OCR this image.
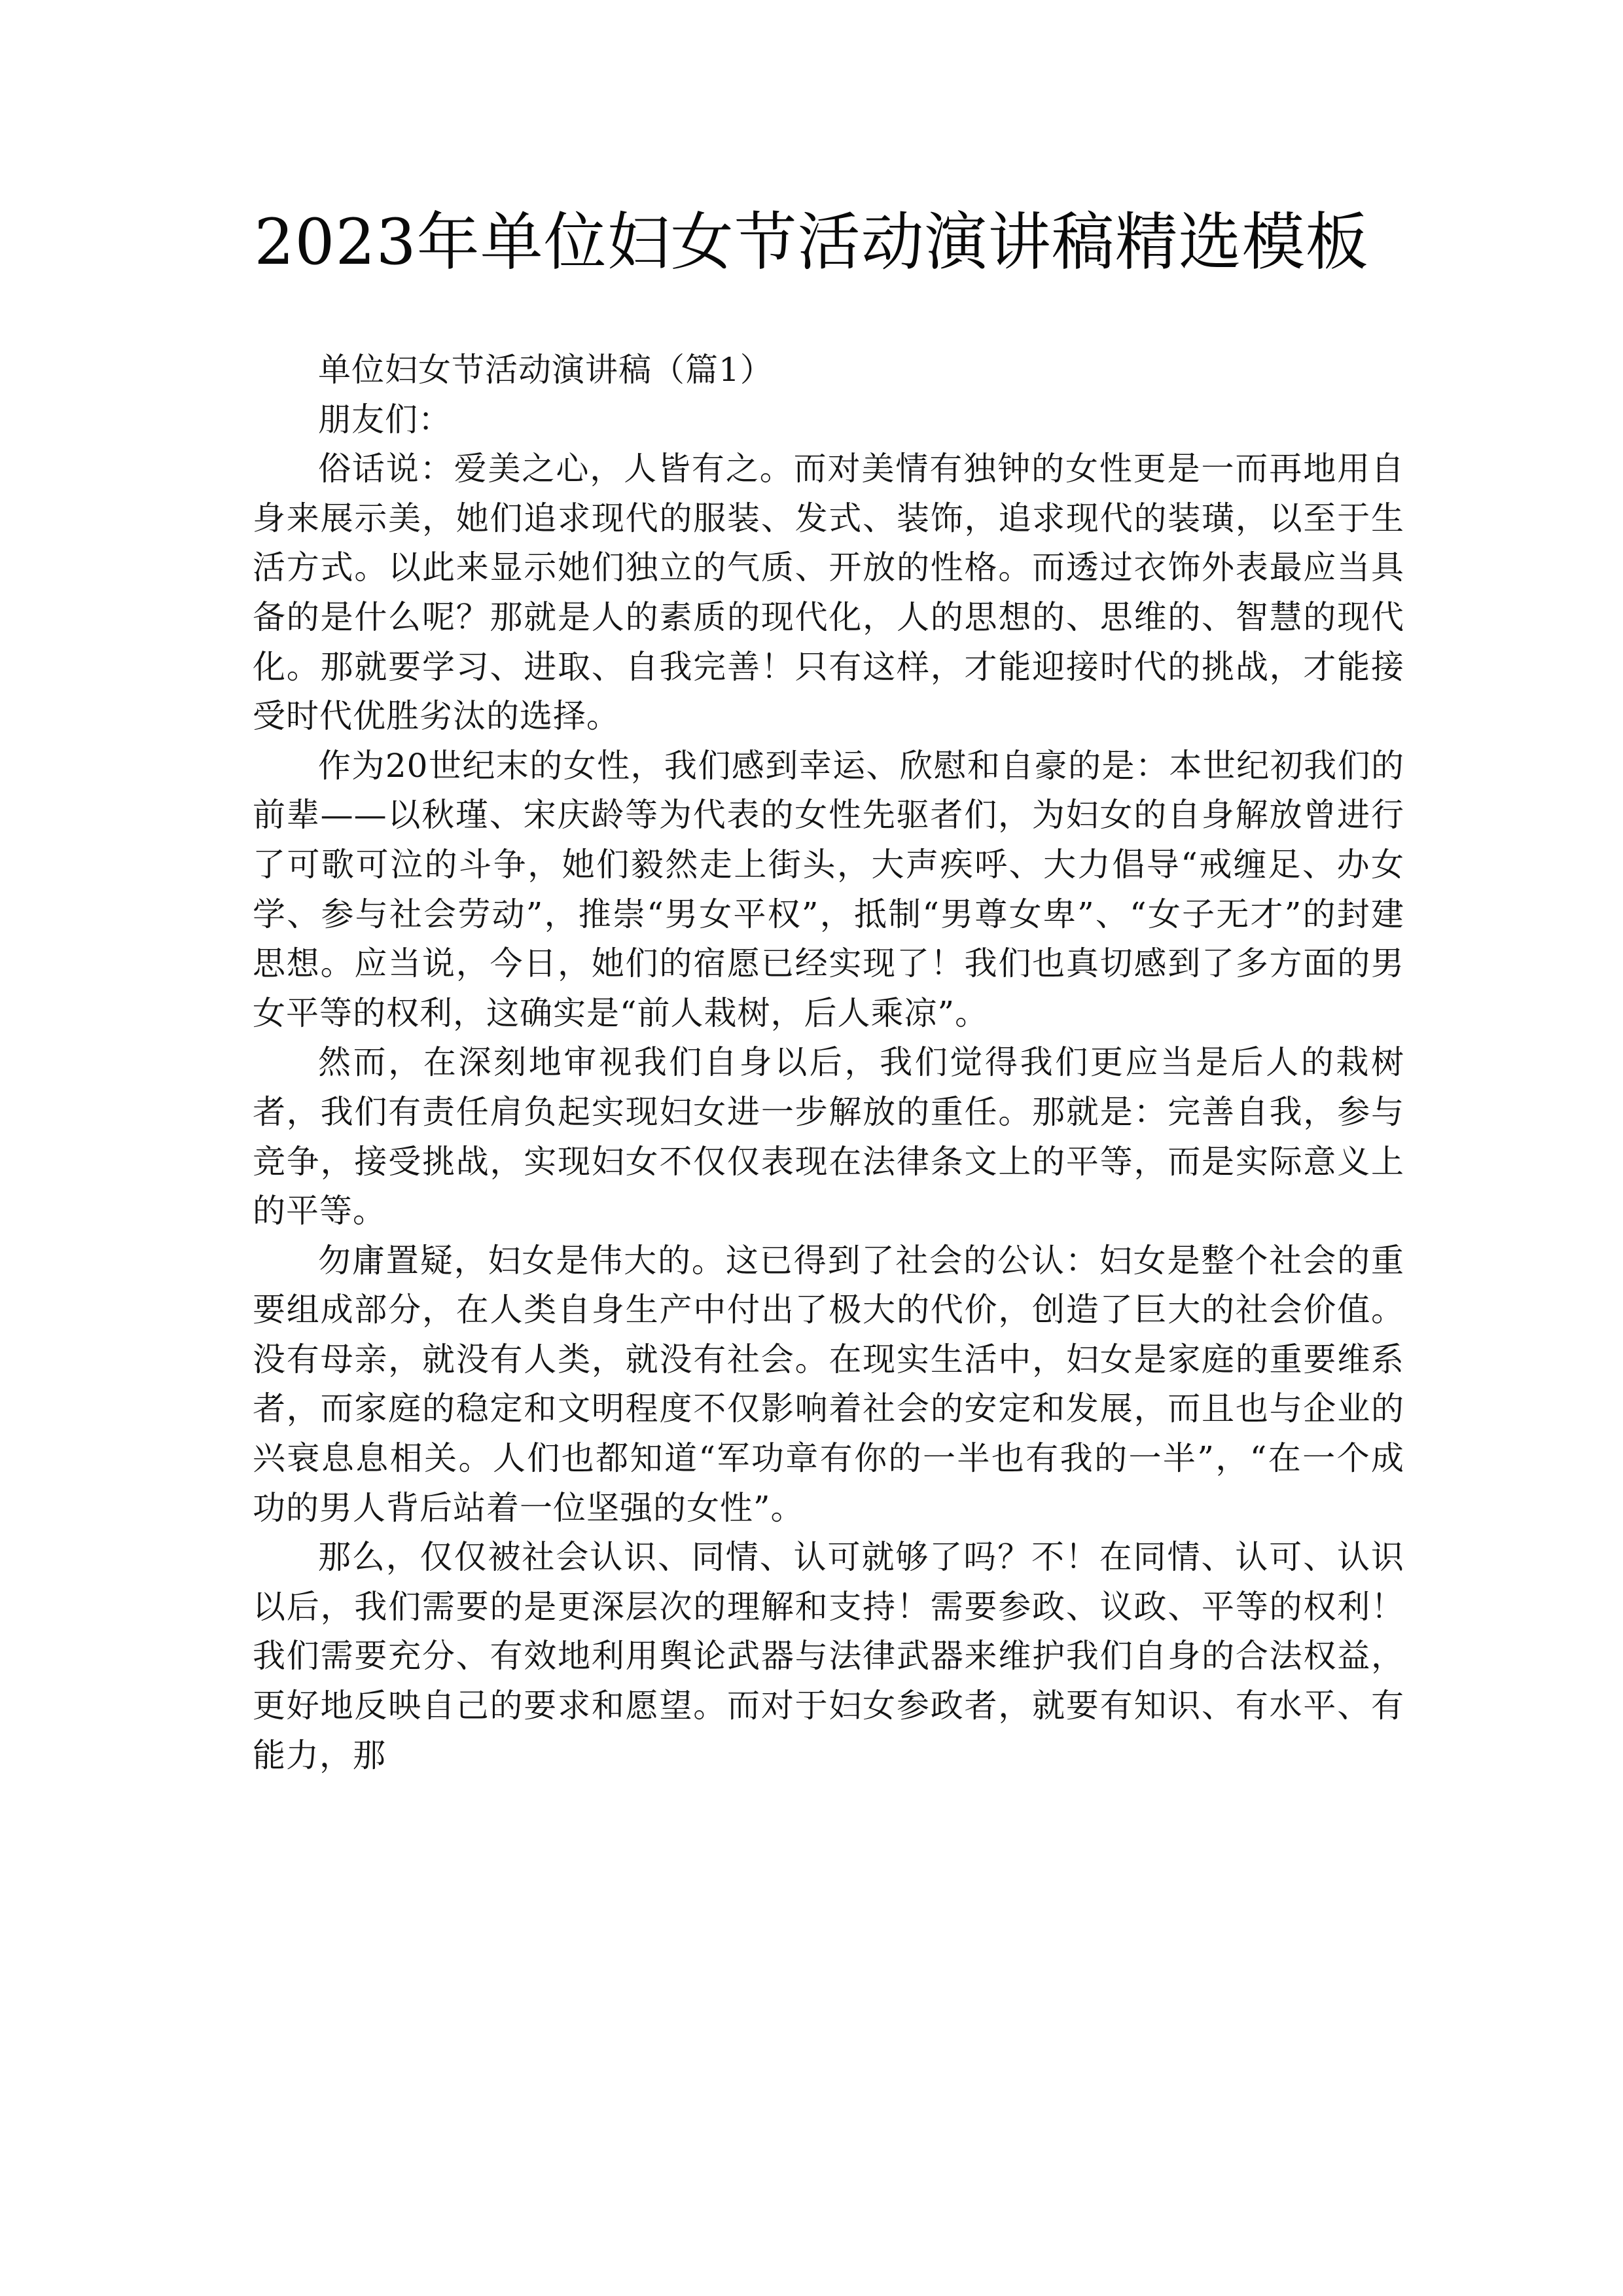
2023年单位妇女节活动演讲稿精选模板

单位妇女节活动演讲稿（篇1）

朋友们：

俗话说：爱美之心，人皆有之。而对美情有独钟的女性更是一而再地用自身来展示美，她们追求现代的服装、发式、装饰，追求现代的装璜，以至于生活方式。以此来显示她们独立的气质、开放的性格。而透过衣饰外表最应当具备的是什么呢？那就是人的素质的现代化，人的思想的、思维的、智慧的现代化。那就要学习、进取、自我完善！只有这样，才能迎接时代的挑战，才能接受时代优胜劣汰的选择。

作为20世纪末的女性，我们感到幸运、欣慰和自豪的是：本世纪初我们的前辈——以秋瑾、宋庆龄等为代表的女性先驱者们，为妇女的自身解放曾进行了可歌可泣的斗争，她们毅然走上街头，大声疾呼、大力倡导“戒缠足、办女学、参与社会劳动”，推崇“男女平权”，抵制“男尊女卑”、“女子无才”的封建思想。应当说，今日，她们的宿愿已经实现了！我们也真切感到了多方面的男女平等的权利，这确实是“前人栽树，后人乘凉”。

然而，在深刻地审视我们自身以后，我们觉得我们更应当是后人的栽树者，我们有责任肩负起实现妇女进一步解放的重任。那就是：完善自我，参与竞争，接受挑战，实现妇女不仅仅表现在法律条文上的平等，而是实际意义上的平等。

勿庸置疑，妇女是伟大的。这已得到了社会的公认：妇女是整个社会的重要组成部分，在人类自身生产中付出了极大的代价，创造了巨大的社会价值。没有母亲，就没有人类，就没有社会。在现实生活中，妇女是家庭的重要维系者，而家庭的稳定和文明程度不仅影响着社会的安定和发展，而且也与企业的兴衰息息相关。人们也都知道“军功章有你的一半也有我的一半”，“在一个成功的男人背后站着一位坚强的女性”。

那么，仅仅被社会认识、同情、认可就够了吗？不！在同情、认可、认识以后，我们需要的是更深层次的理解和支持！需要参政、议政、平等的权利！我们需要充分、有效地利用舆论武器与法律武器来维护我们自身的合法权益，更好地反映自己的要求和愿望。而对于妇女参政者，就要有知识、有水平、有能力，那
